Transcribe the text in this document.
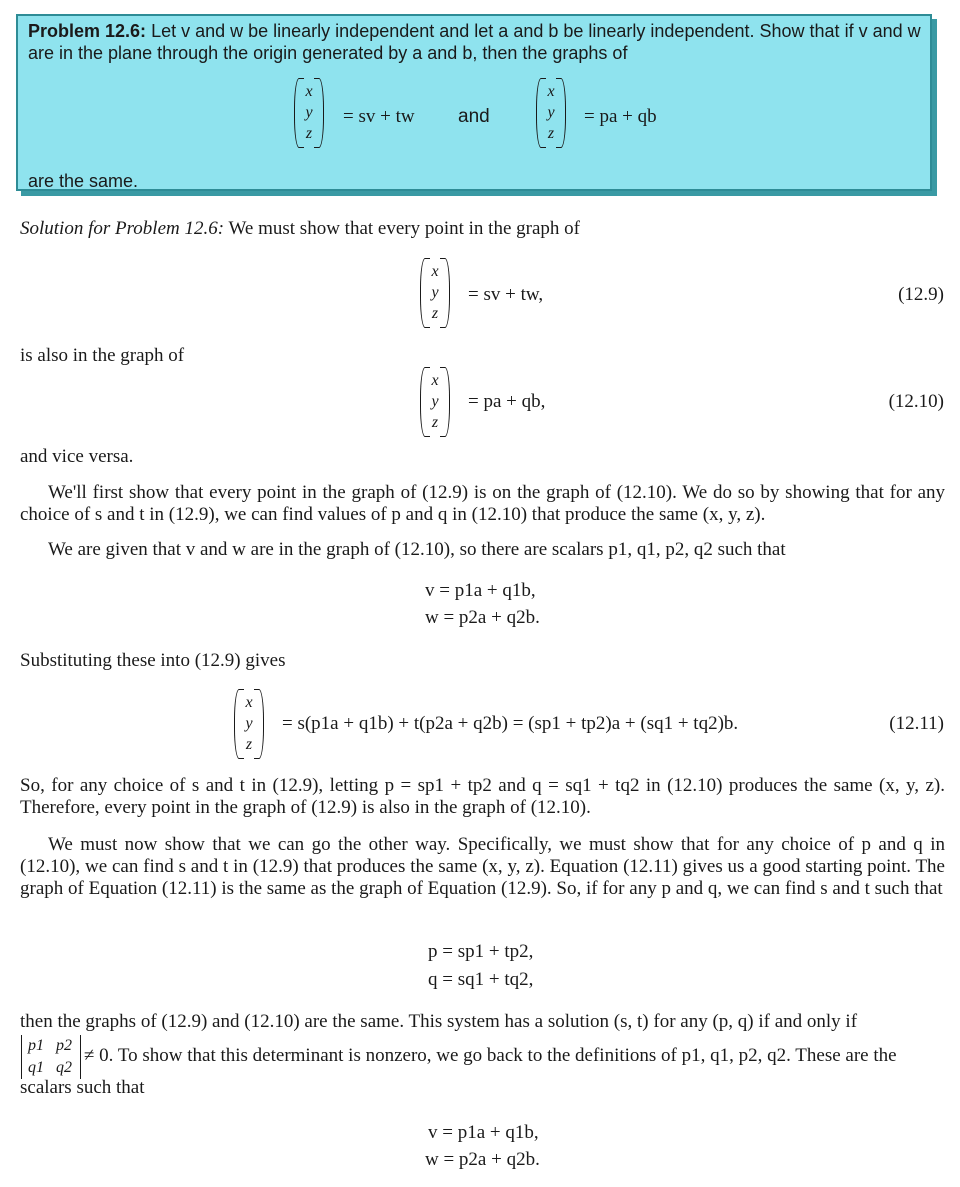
Problem 12.6: Let v and w be linearly independent and let a and b be linearly independent. Show that if v and w are in the plane through the origin generated by a and b, then the graphs of
x
y
z
= sv + tw and
x
y
z
= pa + qb
are the same.
Solution for Problem 12.6: We must show that every point in the graph of
x
y
z
= sv + tw,	(12.9)
is also in the graph of
x
y
z
= pa + qb,	(12.10)
and vice versa.
We'll first show that every point in the graph of (12.9) is on the graph of (12.10). We do so by showing that for any choice of s and t in (12.9), we can find values of p and q in (12.10) that produce the same (x, y, z).
We are given that v and w are in the graph of (12.10), so there are scalars p1, q1, p2, q2 such that
v = p1a + q1b,
w = p2a + q2b.
Substituting these into (12.9) gives
x
y
z
= s(p1a + q1b) + t(p2a + q2b) = (sp1 + tp2)a + (sq1 + tq2)b.	(12.11)
So, for any choice of s and t in (12.9), letting p = sp1 + tp2 and q = sq1 + tq2 in (12.10) produces the same (x, y, z). Therefore, every point in the graph of (12.9) is also in the graph of (12.10).
We must now show that we can go the other way. Specifically, we must show that for any choice of p and q in (12.10), we can find s and t in (12.9) that produces the same (x, y, z). Equation (12.11) gives us a good starting point. The graph of Equation (12.11) is the same as the graph of Equation (12.9). So, if for any p and q, we can find s and t such that
p = sp1 + tp2,
q = sq1 + tq2,
then the graphs of (12.9) and (12.10) are the same. This system has a solution (s, t) for any (p, q) if and only if
p1 p2
q1 q2
≠ 0. To show that this determinant is nonzero, we go back to the definitions of p1, q1, p2, q2. These are the
scalars such that
v = p1a + q1b,
w = p2a + q2b.
